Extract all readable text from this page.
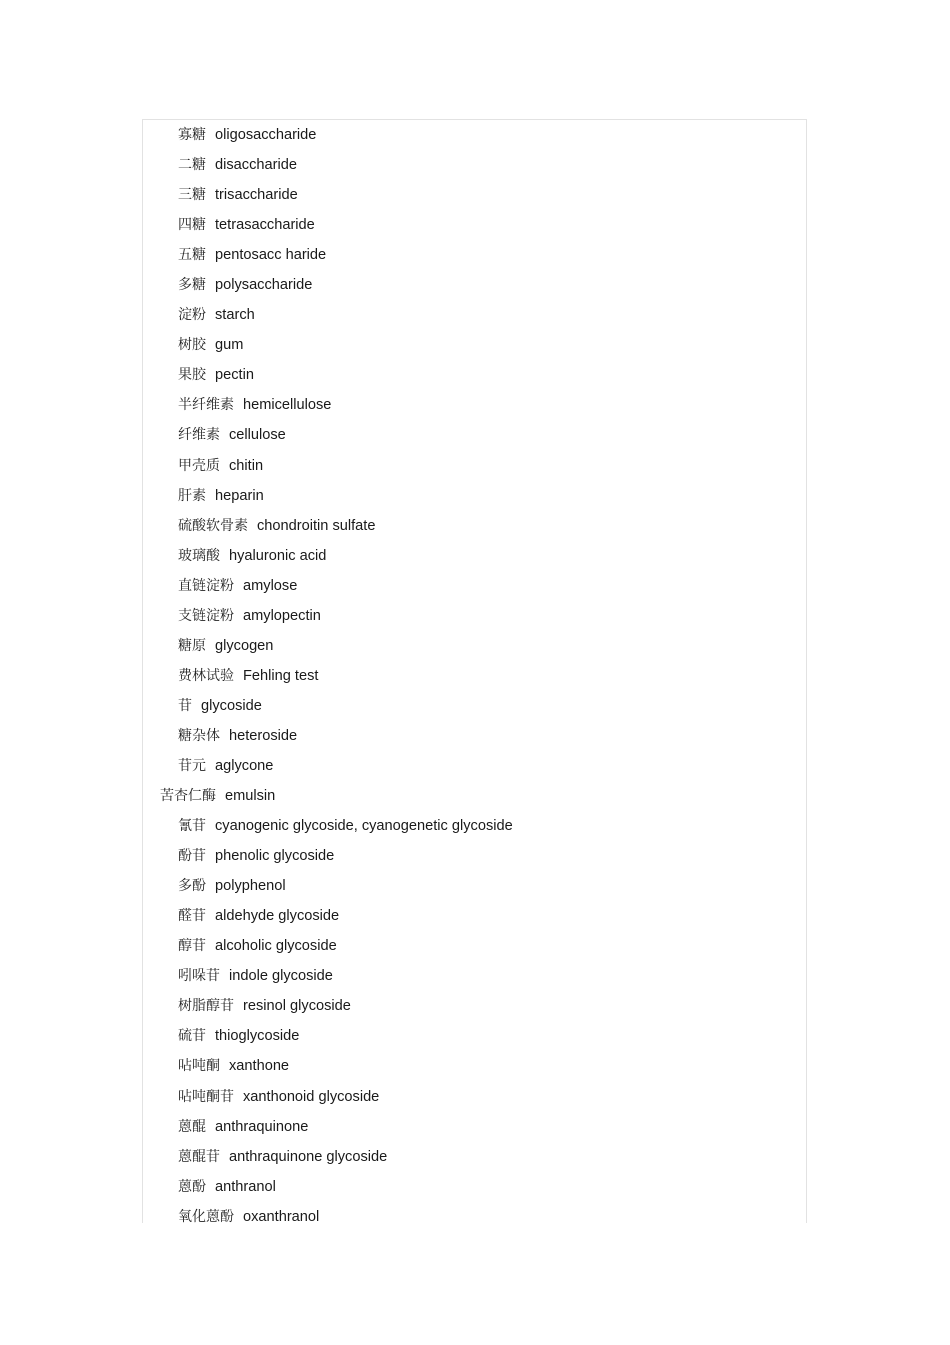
寡糖 oligosaccharide
二糖 disaccharide
三糖 trisaccharide
四糖 tetrasaccharide
五糖 pentosacc haride
多糖 polysaccharide
淀粉 starch
树胶 gum
果胶 pectin
半纤维素 hemicellulose
纤维素 cellulose
甲壳质 chitin
肝素 heparin
硫酸软骨素 chondroitin sulfate
玻璃酸 hyaluronic acid
直链淀粉 amylose
支链淀粉 amylopectin
糖原 glycogen
费林试验 Fehling test
苷 glycoside
糖杂体 heteroside
苷元 aglycone
苦杏仁酶 emulsin
氰苷 cyanogenic glycoside, cyanogenetic glycoside
酚苷 phenolic glycoside
多酚 polyphenol
醛苷 aldehyde glycoside
醇苷 alcoholic glycoside
吲哚苷 indole glycoside
树脂醇苷 resinol glycoside
硫苷 thioglycoside
呫吨酮 xanthone
呫吨酮苷 xanthonoid glycoside
蒽醌 anthraquinone
蒽醌苷 anthraquinone glycoside
蒽酚 anthranol
氧化蒽酚 oxanthranol
